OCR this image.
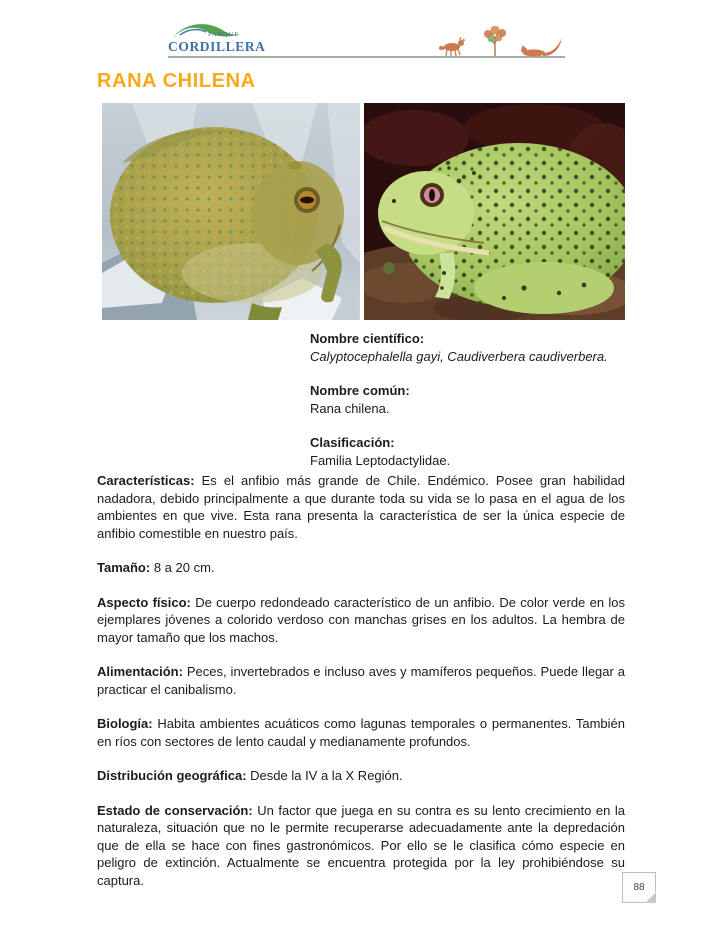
PARQUE
CORDILLERA
RANA CHILENA
Nombre científico:
Calyptocephalella gayi, Caudiverbera caudiverbera.
Nombre común:
Rana chilena.
Clasificación:
Familia Leptodactylidae.

Características: Es el anfibio más grande de Chile. Endémico. Posee gran habilidad nadadora, debido principalmente a que durante toda su vida se lo pasa en el agua de los ambientes en que vive. Esta rana presenta la característica de ser la única especie de anfibio comestible en nuestro país.

Tamaño: 8 a 20 cm.

Aspecto físico: De cuerpo redondeado característico de un anfibio. De color verde en los ejemplares jóvenes a colorido verdoso con manchas grises en los adultos. La hembra de mayor tamaño que los machos.

Alimentación: Peces, invertebrados e incluso aves y mamíferos pequeños. Puede llegar a practicar el canibalismo.

Biología: Habita ambientes acuáticos como lagunas temporales o permanentes. También en ríos con sectores de lento caudal y medianamente profundos.

Distribución geográfica: Desde la IV a la X Región.

Estado de conservación: Un factor que juega en su contra es su lento crecimiento en la naturaleza, situación que no le permite recuperarse adecuadamente ante la depredación que de ella se hace con fines gastronómicos. Por ello se le clasifica cómo especie en peligro de extinción. Actualmente se encuentra protegida por la ley prohibiéndose su captura.	88
